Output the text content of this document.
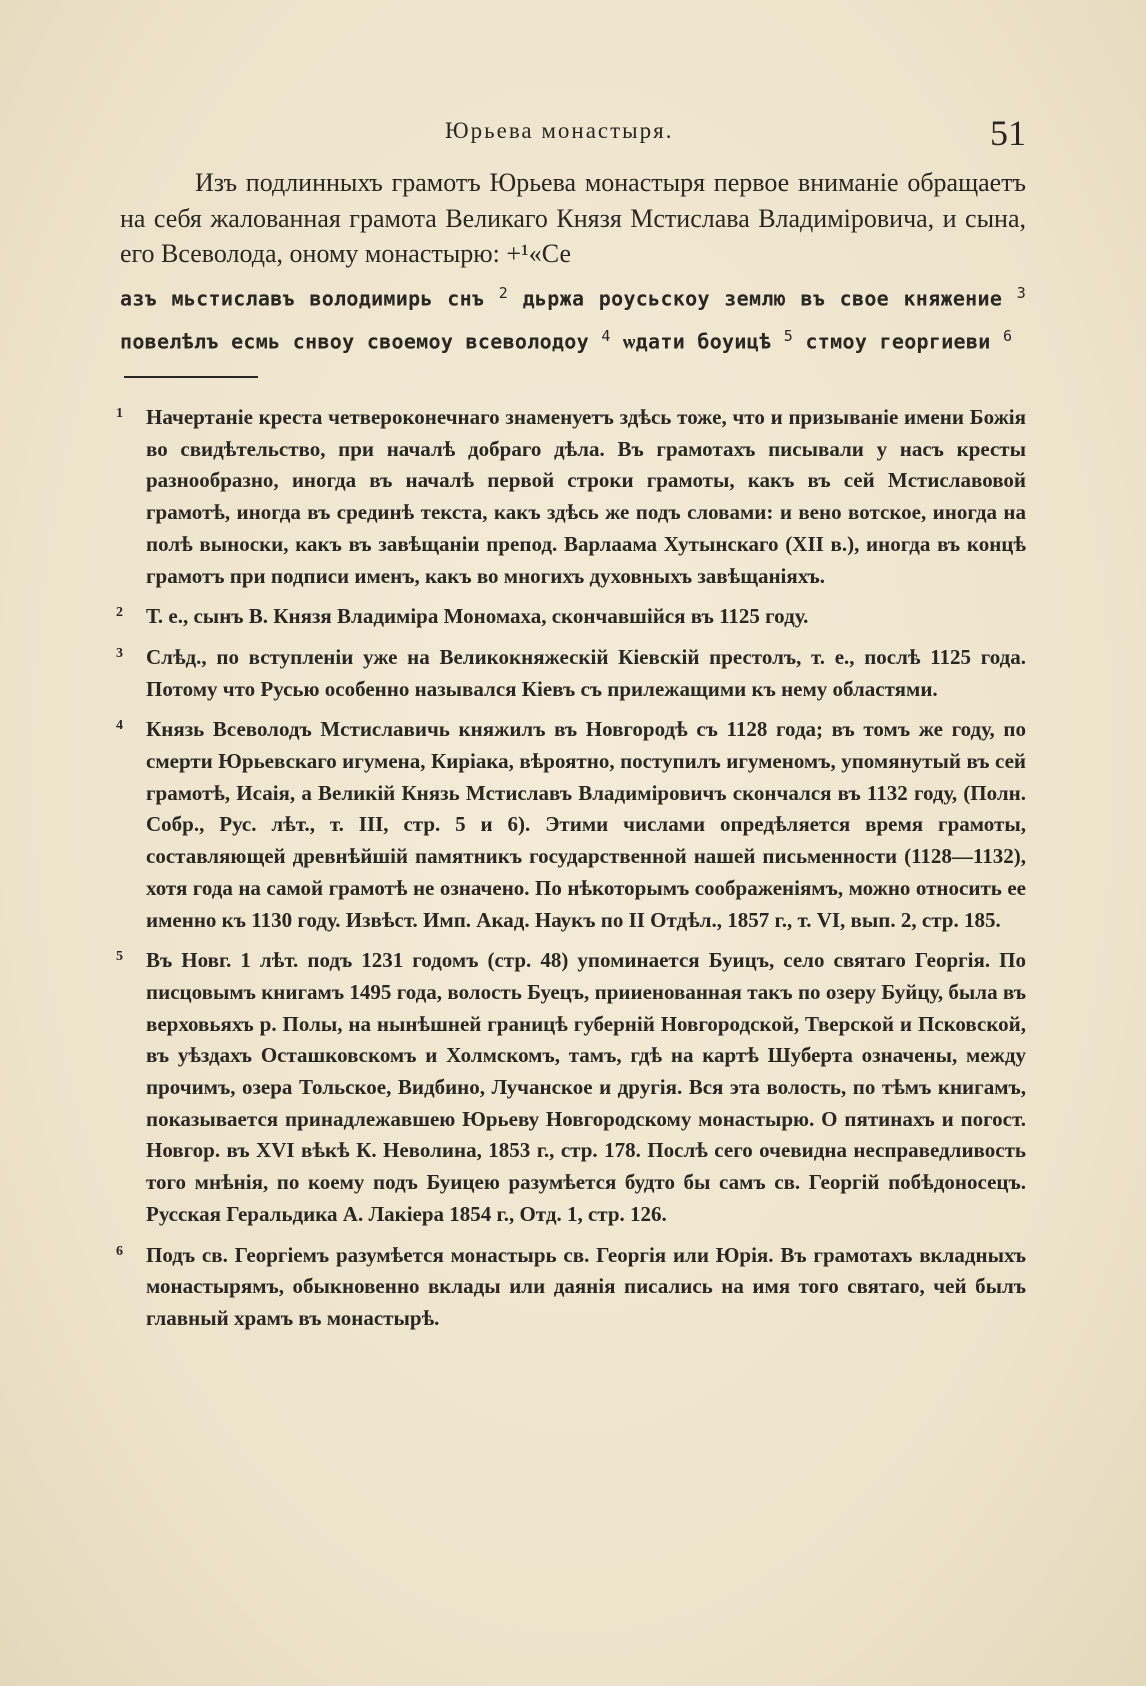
Юрьева монастыря.	51

Изъ подлинныхъ грамотъ Юрьева монастыря первое вниманіе обращаетъ на себя жалованная грамота Великаго Князя Мстислава Владиміровича, и сына, его Всеволода, оному монастырю: +¹«Се

азъ мьстиславъ володимирь снъ $^2$ дьржа роусьскоу землю въ свое княжение $^3$ повелѣлъ есмь снвоу своемоу всеволодоу $^4$ ѡдати боуицѣ $^5$ стмоу георгиеви $^6$

1 Начертаніе креста четвероконечнаго знаменуетъ здѣсь тоже, что и призываніе имени Божія во свидѣтельство, при началѣ добраго дѣла. Въ грамотахъ писывали у насъ кресты разнообразно, иногда въ началѣ первой строки грамоты, какъ въ сей Мстиславовой грамотѣ, иногда въ срединѣ текста, какъ здѣсь же подъ словами: и вено вотское, иногда на полѣ выноски, какъ въ завѣщаніи препод. Варлаама Хутынскаго (XII в.), иногда въ концѣ грамотъ при подписи именъ, какъ во многихъ духовныхъ завѣщаніяхъ.
2 Т. е., сынъ В. Князя Владиміра Мономаха, скончавшійся въ 1125 году.
3 Слѣд., по вступленіи уже на Великокняжескій Кіевскій престолъ, т. е., послѣ 1125 года. Потому что Русью особенно назывался Кіевъ съ прилежащими къ нему областями.
4 Князь Всеволодъ Мстиславичь княжилъ въ Новгородѣ съ 1128 года; въ томъ же году, по смерти Юрьевскаго игумена, Киріака, вѣроятно, поступилъ игуменомъ, упомянутый въ сей грамотѣ, Исаія, а Великій Князь Мстиславъ Владиміровичъ скончался въ 1132 году, (Полн. Собр., Рус. лѣт., т. III, стр. 5 и 6). Этими числами опредѣляется время грамоты, составляющей древнѣйшій памятникъ государственной нашей письменности (1128—1132), хотя года на самой грамотѣ не означено. По нѣкоторымъ соображеніямъ, можно относить ее именно къ 1130 году. Извѣст. Имп. Акад. Наукъ по II Отдѣл., 1857 г., т. VI, вып. 2, стр. 185.
5 Въ Новг. 1 лѣт. подъ 1231 годомъ (стр. 48) упоминается Буицъ, село святаго Георгія. По писцовымъ книгамъ 1495 года, волость Буецъ, прииенованная такъ по озеру Буйцу, была въ верховьяхъ р. Полы, на нынѣшней границѣ губерній Новгородской, Тверской и Псковской, въ уѣздахъ Осташковскомъ и Холмскомъ, тамъ, гдѣ на картѣ Шуберта означены, между прочимъ, озера Тольское, Видбино, Лучанское и другія. Вся эта волость, по тѣмъ книгамъ, показывается принадлежавшею Юрьеву Новгородскому монастырю. О пятинахъ и погост. Новгор. въ XVI вѣкѣ К. Неволина, 1853 г., стр. 178. Послѣ сего очевидна несправедливость того мнѣнія, по коему подъ Буицею разумѣется будто бы самъ св. Георгій побѣдоносецъ. Русская Геральдика А. Лакіера 1854 г., Отд. 1, стр. 126.
6 Подъ св. Георгіемъ разумѣется монастырь св. Георгія или Юрія. Въ грамотахъ вкладныхъ монастырямъ, обыкновенно вклады или даянія писались на имя того святаго, чей былъ главный храмъ въ монастырѣ.
